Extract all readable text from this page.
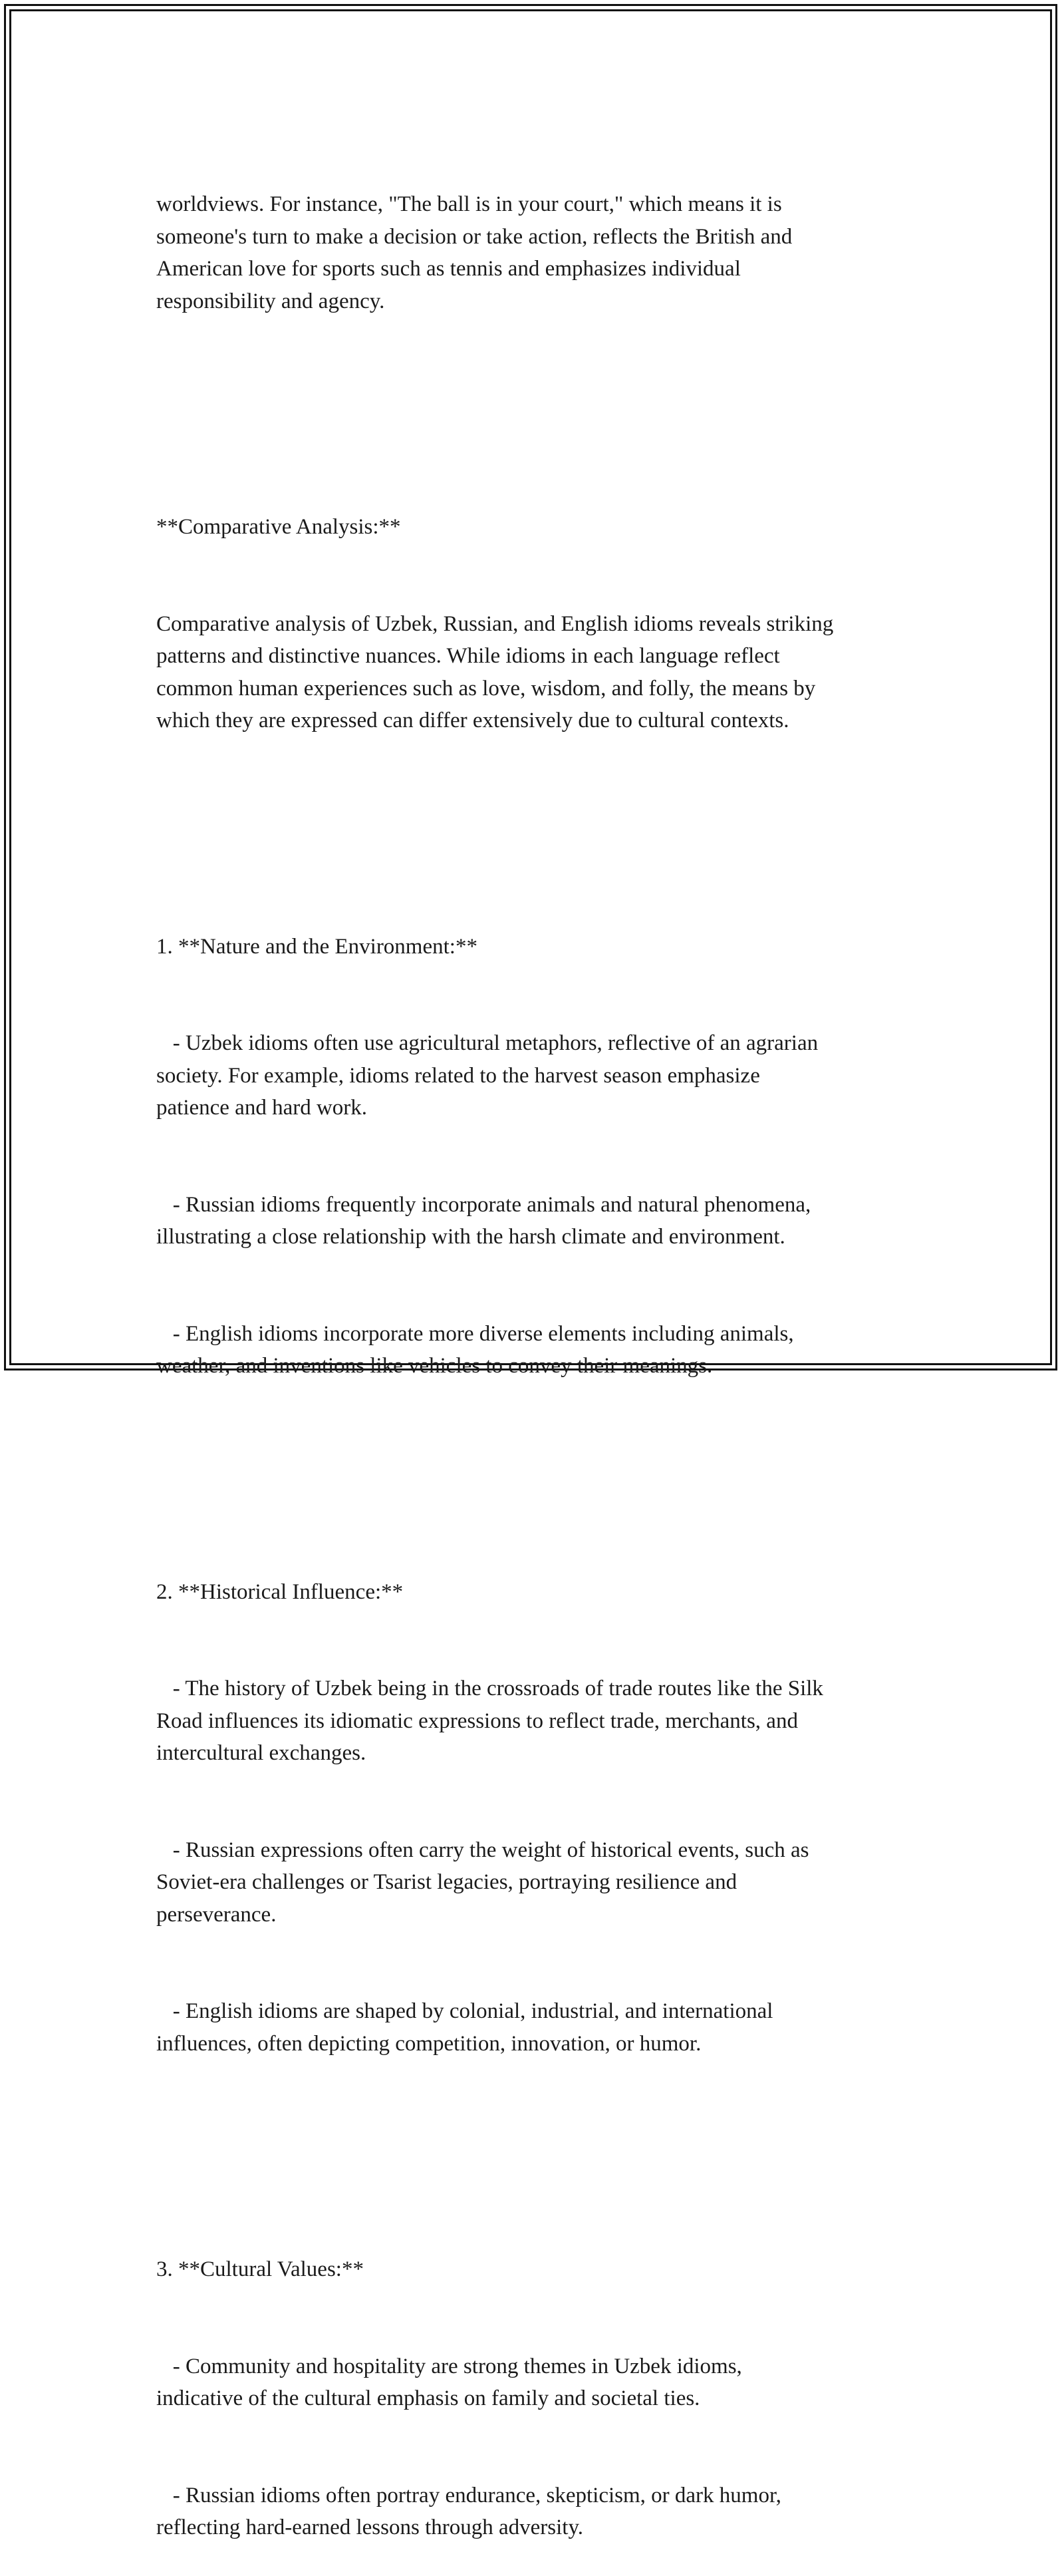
worldviews. For instance, "The ball is in your court," which means it is
someone's turn to make a decision or take action, reflects the British and
American love for sports such as tennis and emphasizes individual
responsibility and agency.

**Comparative Analysis:**

Comparative analysis of Uzbek, Russian, and English idioms reveals striking
patterns and distinctive nuances. While idioms in each language reflect
common human experiences such as love, wisdom, and folly, the means by
which they are expressed can differ extensively due to cultural contexts.

1. **Nature and the Environment:**

- Uzbek idioms often use agricultural metaphors, reflective of an agrarian
society. For example, idioms related to the harvest season emphasize
patience and hard work.

- Russian idioms frequently incorporate animals and natural phenomena,
illustrating a close relationship with the harsh climate and environment.

- English idioms incorporate more diverse elements including animals,
weather, and inventions like vehicles to convey their meanings.

2. **Historical Influence:**

- The history of Uzbek being in the crossroads of trade routes like the Silk
Road influences its idiomatic expressions to reflect trade, merchants, and
intercultural exchanges.

- Russian expressions often carry the weight of historical events, such as
Soviet-era challenges or Tsarist legacies, portraying resilience and
perseverance.

- English idioms are shaped by colonial, industrial, and international
influences, often depicting competition, innovation, or humor.

3. **Cultural Values:**

- Community and hospitality are strong themes in Uzbek idioms,
indicative of the cultural emphasis on family and societal ties.

- Russian idioms often portray endurance, skepticism, or dark humor,
reflecting hard-earned lessons through adversity.
